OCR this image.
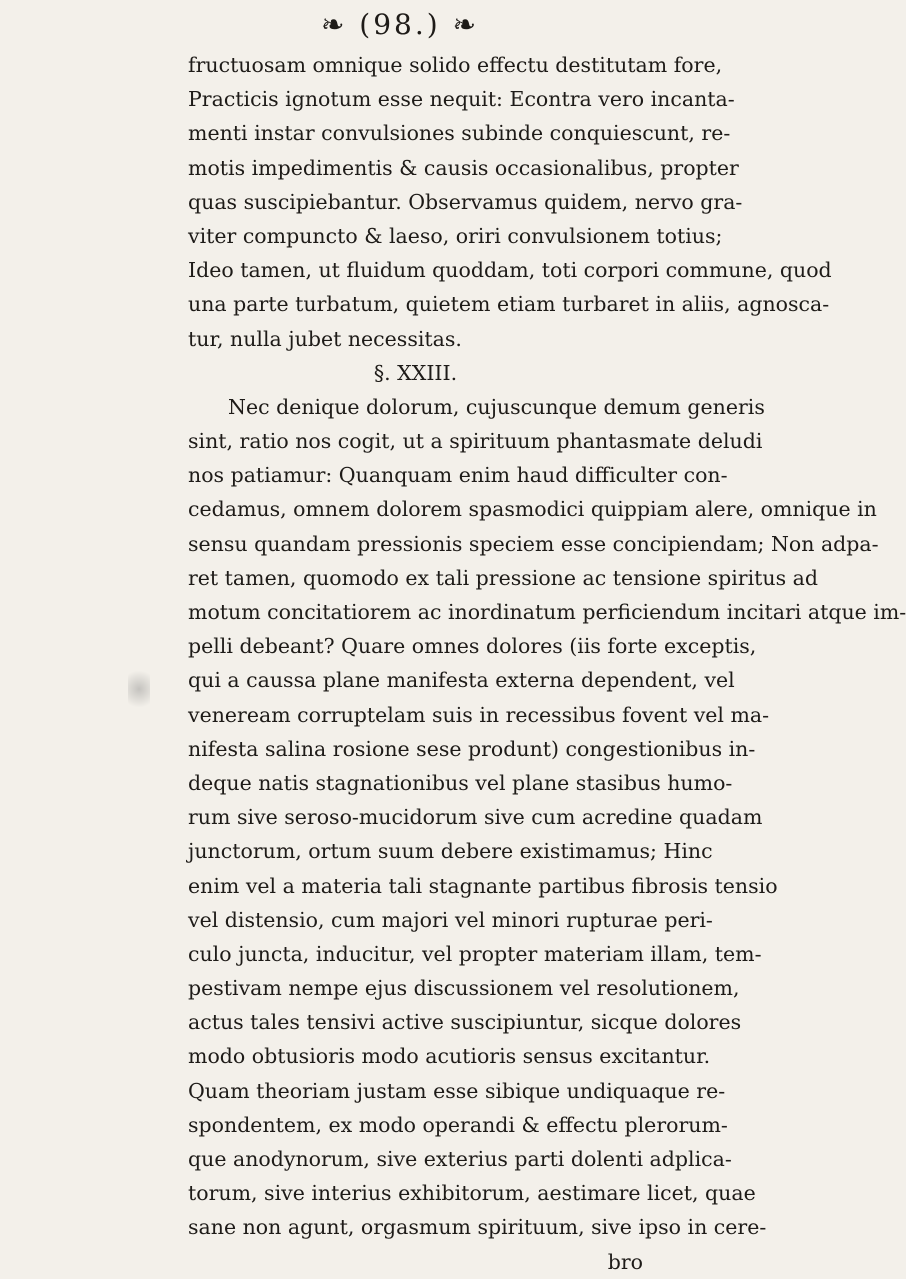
❧ (98.) ❧
fructuosam omnique solido effectu destitutam fore,
Practicis ignotum esse nequit: Econtra vero incanta-
menti instar convulsiones subinde conquiescunt, re-
motis impedimentis & causis occasionalibus, propter
quas suscipiebantur. Observamus quidem, nervo gra-
viter compuncto & laeso, oriri convulsionem totius;
Ideo tamen, ut fluidum quoddam, toti corpori commune, quod
una parte turbatum, quietem etiam turbaret in aliis, agnosca-
tur, nulla jubet necessitas.
§. XXIII.
Nec denique dolorum, cujuscunque demum generis
sint, ratio nos cogit, ut a spirituum phantasmate deludi
nos patiamur: Quanquam enim haud difficulter con-
cedamus, omnem dolorem spasmodici quippiam alere, omnique in
sensu quandam pressionis speciem esse concipiendam; Non adpa-
ret tamen, quomodo ex tali pressione ac tensione spiritus ad
motum concitatiorem ac inordinatum perficiendum incitari atque im-
pelli debeant? Quare omnes dolores (iis forte exceptis,
qui a caussa plane manifesta externa dependent, vel
veneream corruptelam suis in recessibus fovent vel ma-
nifesta salina rosione sese produnt) congestionibus in-
deque natis stagnationibus vel plane stasibus humo-
rum sive seroso-mucidorum sive cum acredine quadam
junctorum, ortum suum debere existimamus; Hinc
enim vel a materia tali stagnante partibus fibrosis tensio
vel distensio, cum majori vel minori rupturae peri-
culo juncta, inducitur, vel propter materiam illam, tem-
pestivam nempe ejus discussionem vel resolutionem,
actus tales tensivi active suscipiuntur, sicque dolores
modo obtusioris modo acutioris sensus excitantur.
Quam theoriam justam esse sibique undiquaque re-
spondentem, ex modo operandi & effectu plerorum-
que anodynorum, sive exterius parti dolenti adplica-
torum, sive interius exhibitorum, aestimare licet, quae
sane non agunt, orgasmum spirituum, sive ipso in cere-
bro
